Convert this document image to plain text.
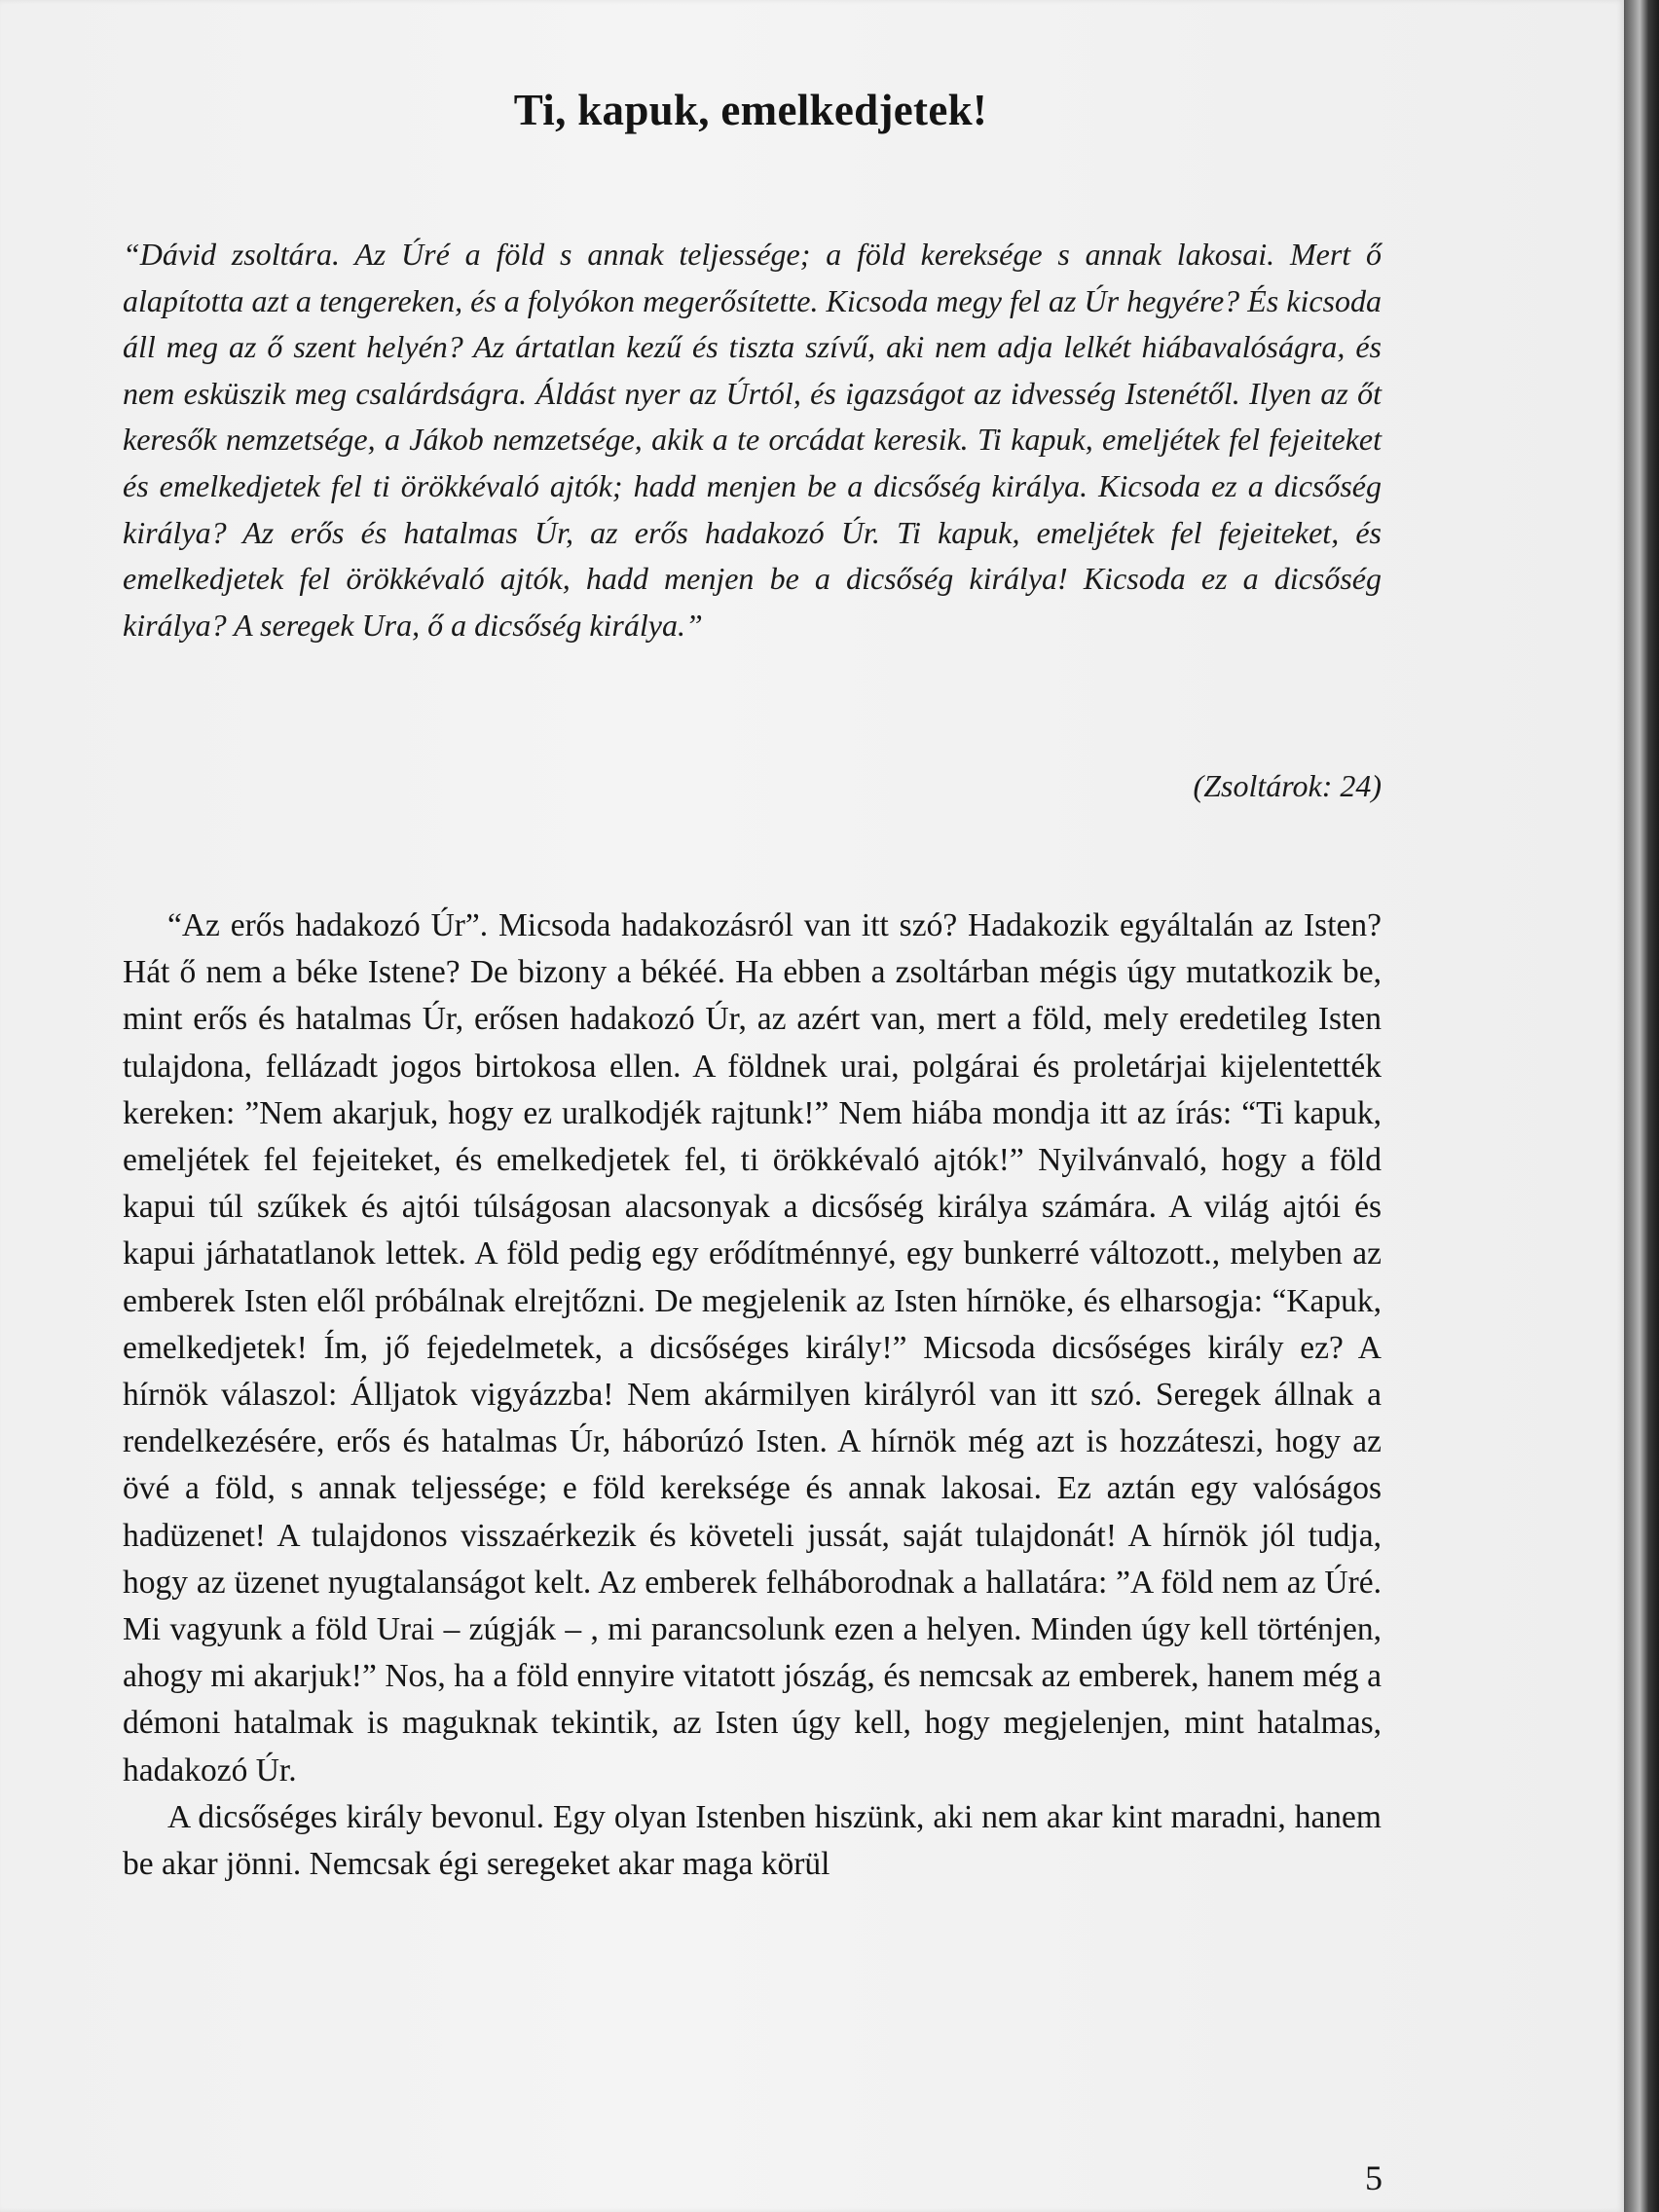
Ti, kapuk, emelkedjetek!

“Dávid zsoltára. Az Úré a föld s annak teljessége; a föld kereksége s annak lakosai. Mert ő alapította azt a tengereken, és a folyókon megerősítette. Kicsoda megy fel az Úr hegyére? És kicsoda áll meg az ő szent helyén? Az ártatlan kezű és tiszta szívű, aki nem adja lelkét hiábavalóságra, és nem esküszik meg csalárdságra. Áldást nyer az Úrtól, és igazságot az idvesség Istenétől. Ilyen az őt keresők nemzetsége, a Jákob nemzetsége, akik a te orcádat keresik. Ti kapuk, emeljétek fel fejeiteket és emelkedjetek fel ti örökkévaló ajtók; hadd menjen be a dicsőség királya. Kicsoda ez a dicsőség királya? Az erős és hatalmas Úr, az erős hadakozó Úr. Ti kapuk, emeljétek fel fejeiteket, és emelkedjetek fel örökkévaló ajtók, hadd menjen be a dicsőség királya! Kicsoda ez a dicsőség királya? A seregek Ura, ő a dicsőség királya.”

(Zsoltárok: 24)

“Az erős hadakozó Úr”. Micsoda hadakozásról van itt szó? Hadakozik egyáltalán az Isten? Hát ő nem a béke Istene? De bizony a békéé. Ha ebben a zsoltárban mégis úgy mutatkozik be, mint erős és hatalmas Úr, erősen hadakozó Úr, az azért van, mert a föld, mely eredetileg Isten tulajdona, fellázadt jogos birtokosa ellen. A földnek urai, polgárai és proletárjai kijelentették kereken: ”Nem akarjuk, hogy ez uralkodjék rajtunk!” Nem hiába mondja itt az írás: “Ti kapuk, emeljétek fel fejeiteket, és emelkedjetek fel, ti örökkévaló ajtók!” Nyilvánvaló, hogy a föld kapui túl szűkek és ajtói túlságosan alacsonyak a dicsőség királya számára. A világ ajtói és kapui járhatatlanok lettek. A föld pedig egy erődítménnyé, egy bunkerré változott., melyben az emberek Isten elől próbálnak elrejtőzni. De megjelenik az Isten hírnöke, és elharsogja: “Kapuk, emelkedjetek! Ím, jő fejedelmetek, a dicsőséges király!” Micsoda dicsőséges király ez? A hírnök válaszol: Álljatok vigyázzba! Nem akármilyen királyról van itt szó. Seregek állnak a rendelkezésére, erős és hatalmas Úr, háborúzó Isten. A hírnök még azt is hozzáteszi, hogy az övé a föld, s annak teljessége; e föld kereksége és annak lakosai. Ez aztán egy valóságos hadüzenet! A tulajdonos visszaérkezik és követeli jussát, saját tulajdonát! A hírnök jól tudja, hogy az üzenet nyugtalanságot kelt. Az emberek felháborodnak a hallatára: ”A föld nem az Úré. Mi vagyunk a föld Urai – zúgják – , mi parancsolunk ezen a helyen. Minden úgy kell történjen, ahogy mi akarjuk!” Nos, ha a föld ennyire vitatott jószág, és nemcsak az emberek, hanem még a démoni hatalmak is maguknak tekintik, az Isten úgy kell, hogy megjelenjen, mint hatalmas, hadakozó Úr.

A dicsőséges király bevonul. Egy olyan Istenben hiszünk, aki nem akar kint maradni, hanem be akar jönni. Nemcsak égi seregeket akar maga körül

5
